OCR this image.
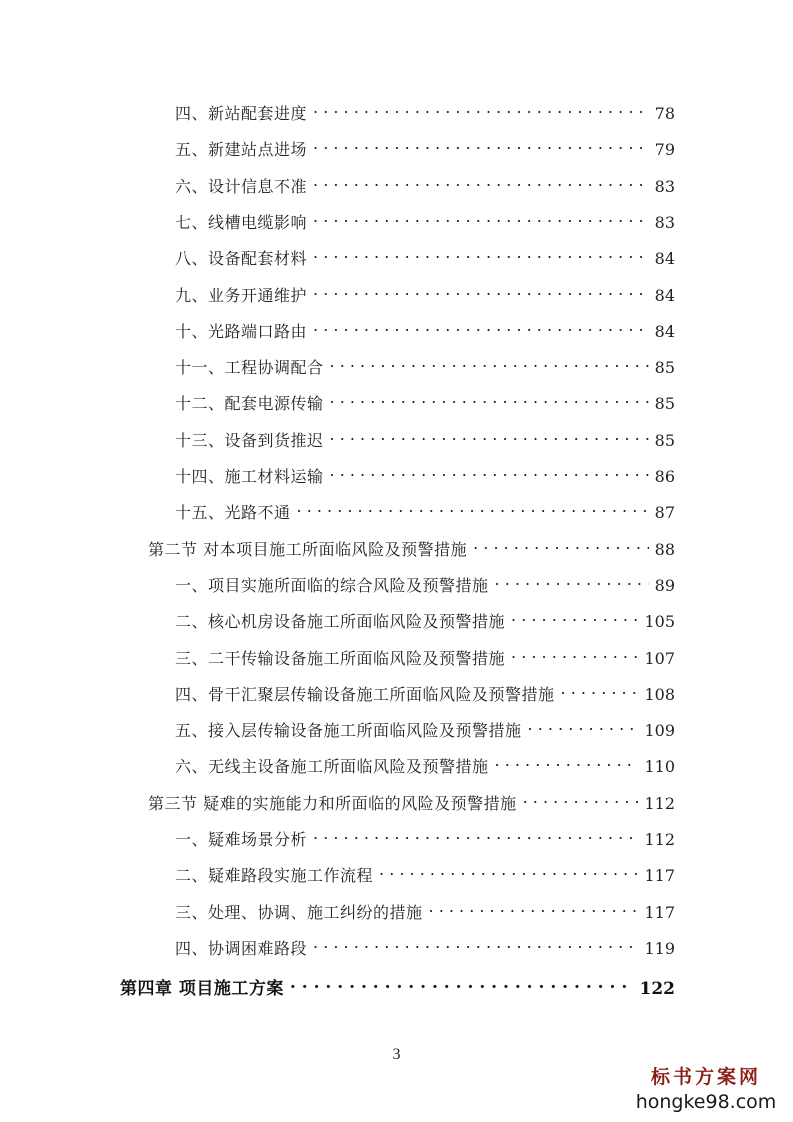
四、新站配套进度 . . .	78
五、新建站点进场 . . .	79
六、设计信息不准 . . .	83
七、线槽电缆影响 . . .	83
八、设备配套材料 . . .	84
九、业务开通维护 . . .	84
十、光路端口路由 . . .	84
十一、工程协调配合 . . .	85
十二、配套电源传输 . . .	85
十三、设备到货推迟 . . .	85
十四、施工材料运输 . . .	86
十五、光路不通 . . .	87
第二节 对本项目施工所面临风险及预警措施 . . .	88
一、项目实施所面临的综合风险及预警措施 . . .	89
二、核心机房设备施工所面临风险及预警措施 . . .	105
三、二干传输设备施工所面临风险及预警措施 . . .	107
四、骨干汇聚层传输设备施工所面临风险及预警措施 . . .	108
五、接入层传输设备施工所面临风险及预警措施 . . .	109
六、无线主设备施工所面临风险及预警措施 . . .	110
第三节 疑难的实施能力和所面临的风险及预警措施 . . .	112
一、疑难场景分析 . . .	112
二、疑难路段实施工作流程 . . .	117
三、处理、协调、施工纠纷的措施 . . .	117
四、协调困难路段 . . .	119
第四章 项目施工方案 . . .	122
3
标书方案网
hongke98.com
